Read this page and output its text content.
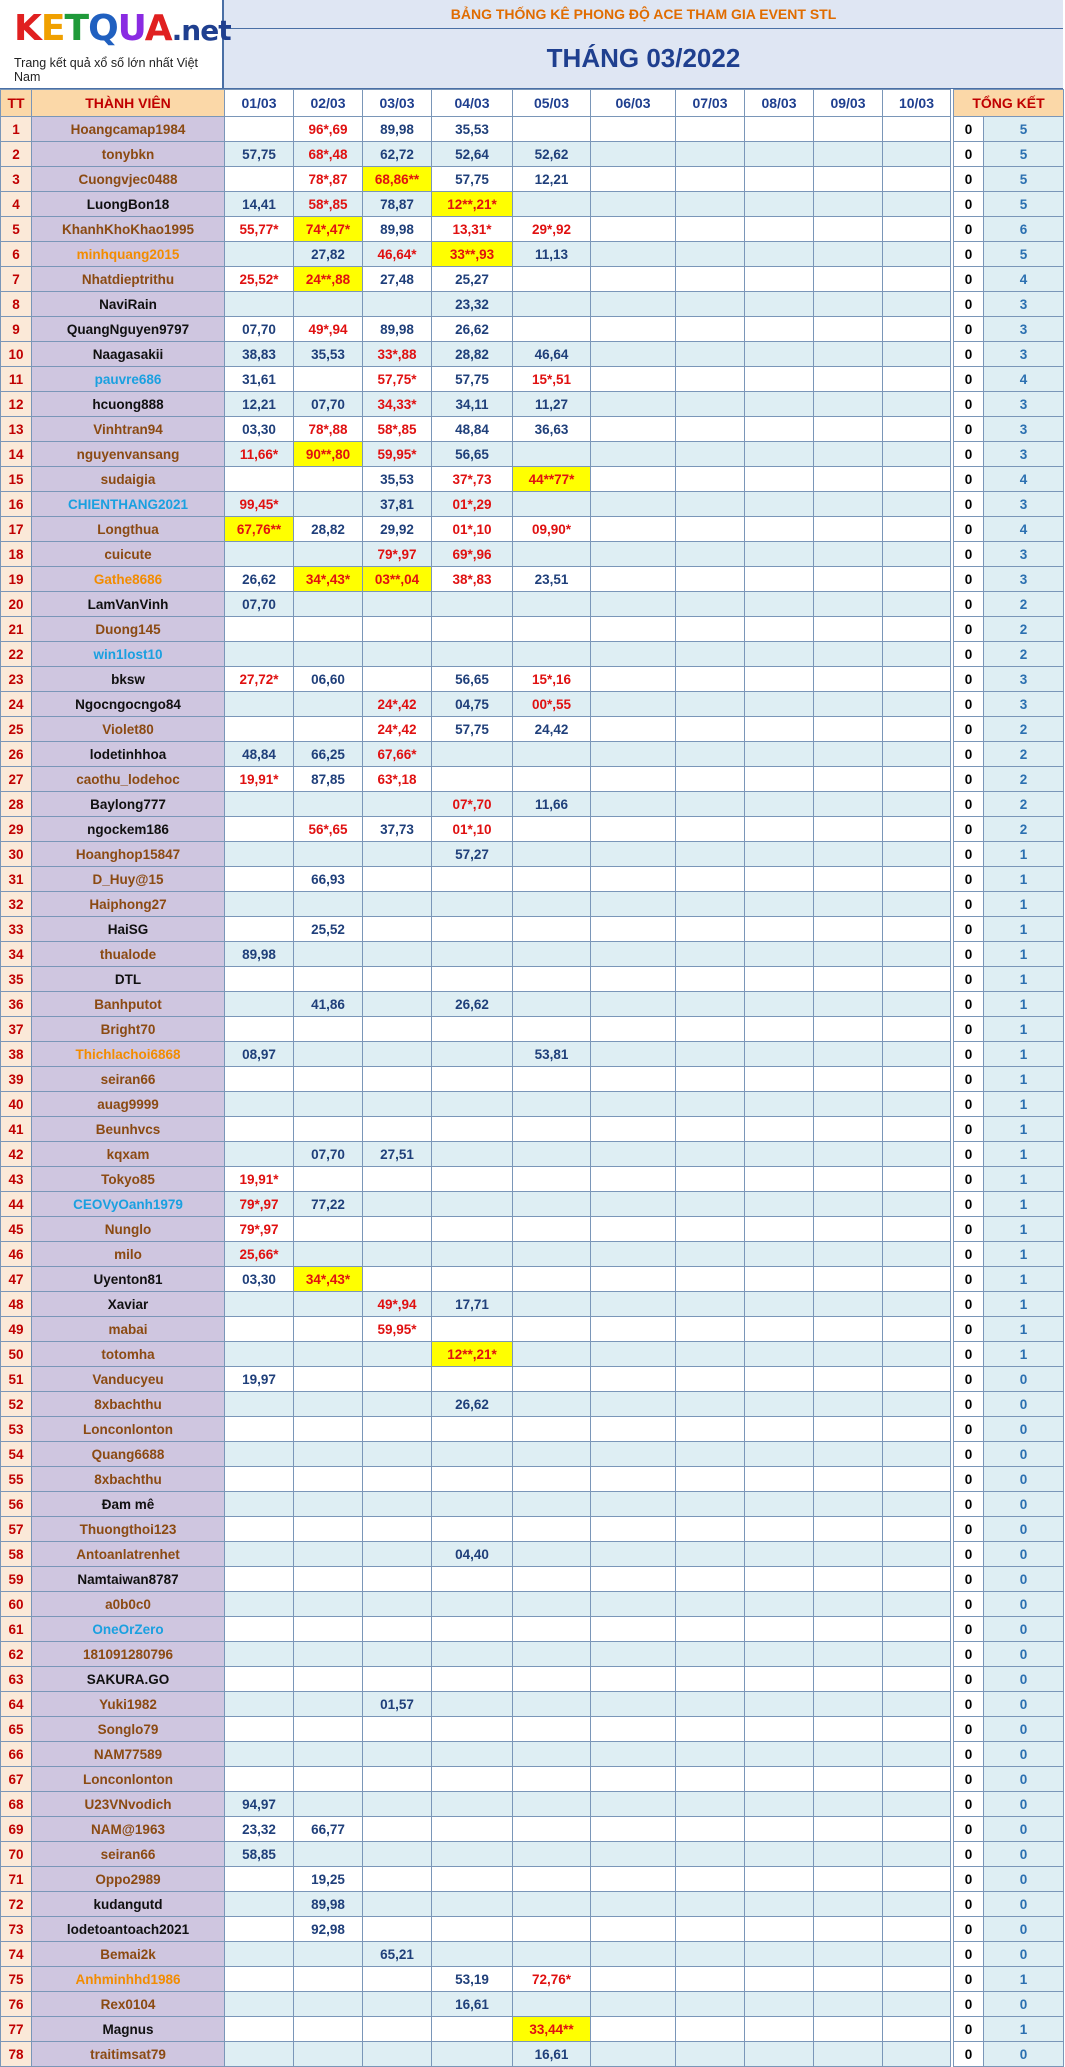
KETQUA.net
Trang kết quả xổ số lớn nhất Việt Nam
BẢNG THỐNG KÊ PHONG ĐỘ ACE THAM GIA EVENT STL
THÁNG 03/2022
TT	THÀNH VIÊN	01/03	02/03	03/03	04/03	05/03	06/03	07/03	08/03	09/03	10/03		TỔNG KẾT	
1	Hoangcamap1984		96*,69	89,98	35,53								0	5
2	tonybkn	57,75	68*,48	62,72	52,64	52,62							0	5
3	Cuongvjec0488		78*,87	68,86**	57,75	12,21							0	5
4	LuongBon18	14,41	58*,85	78,87	12**,21*								0	5
5	KhanhKhoKhao1995	55,77*	74*,47*	89,98	13,31*	29*,92							0	6
6	minhquang2015		27,82	46,64*	33**,93	11,13							0	5
7	Nhatdieptrithu	25,52*	24**,88	27,48	25,27								0	4
8	NaviRain				23,32								0	3
9	QuangNguyen9797	07,70	49*,94	89,98	26,62								0	3
10	Naagasakii	38,83	35,53	33*,88	28,82	46,64							0	3
11	pauvre686	31,61		57,75*	57,75	15*,51							0	4
12	hcuong888	12,21	07,70	34,33*	34,11	11,27							0	3
13	Vinhtran94	03,30	78*,88	58*,85	48,84	36,63							0	3
14	nguyenvansang	11,66*	90**,80	59,95*	56,65								0	3
15	sudaigia			35,53	37*,73	44**77*							0	4
16	CHIENTHANG2021	99,45*		37,81	01*,29								0	3
17	Longthua	67,76**	28,82	29,92	01*,10	09,90*							0	4
18	cuicute			79*,97	69*,96								0	3
19	Gathe8686	26,62	34*,43*	03**,04	38*,83	23,51							0	3
20	LamVanVinh	07,70											0	2
21	Duong145												0	2
22	win1lost10												0	2
23	bksw	27,72*	06,60		56,65	15*,16							0	3
24	Ngocngocngo84			24*,42	04,75	00*,55							0	3
25	Violet80			24*,42	57,75	24,42							0	2
26	lodetinhhoa	48,84	66,25	67,66*									0	2
27	caothu_lodehoc	19,91*	87,85	63*,18									0	2
28	Baylong777				07*,70	11,66							0	2
29	ngockem186		56*,65	37,73	01*,10								0	2
30	Hoanghop15847				57,27								0	1
31	D_Huy@15		66,93										0	1
32	Haiphong27												0	1
33	HaiSG		25,52										0	1
34	thualode	89,98											0	1
35	DTL												0	1
36	Banhputot		41,86		26,62								0	1
37	Bright70												0	1
38	Thichlachoi6868	08,97				53,81							0	1
39	seiran66												0	1
40	auag9999												0	1
41	Beunhvcs												0	1
42	kqxam		07,70	27,51									0	1
43	Tokyo85	19,91*											0	1
44	CEOVyOanh1979	79*,97	77,22										0	1
45	Nunglo	79*,97											0	1
46	milo	25,66*											0	1
47	Uyenton81	03,30	34*,43*										0	1
48	Xaviar			49*,94	17,71								0	1
49	mabai			59,95*									0	1
50	totomha				12**,21*								0	1
51	Vanducyeu	19,97											0	0
52	8xbachthu				26,62								0	0
53	Lonconlonton												0	0
54	Quang6688												0	0
55	8xbachthu												0	0
56	Đam mê												0	0
57	Thuongthoi123												0	0
58	Antoanlatrenhet				04,40								0	0
59	Namtaiwan8787												0	0
60	a0b0c0												0	0
61	OneOrZero												0	0
62	181091280796												0	0
63	SAKURA.GO												0	0
64	Yuki1982			01,57									0	0
65	Songlo79												0	0
66	NAM77589												0	0
67	Lonconlonton												0	0
68	U23VNvodich	94,97											0	0
69	NAM@1963	23,32	66,77										0	0
70	seiran66	58,85											0	0
71	Oppo2989		19,25										0	0
72	kudangutd		89,98										0	0
73	lodetoantoach2021		92,98										0	0
74	Bemai2k			65,21									0	0
75	Anhminhhd1986				53,19	72,76*							0	1
76	Rex0104				16,61								0	0
77	Magnus					33,44**							0	1
78	traitimsat79					16,61							0	0
